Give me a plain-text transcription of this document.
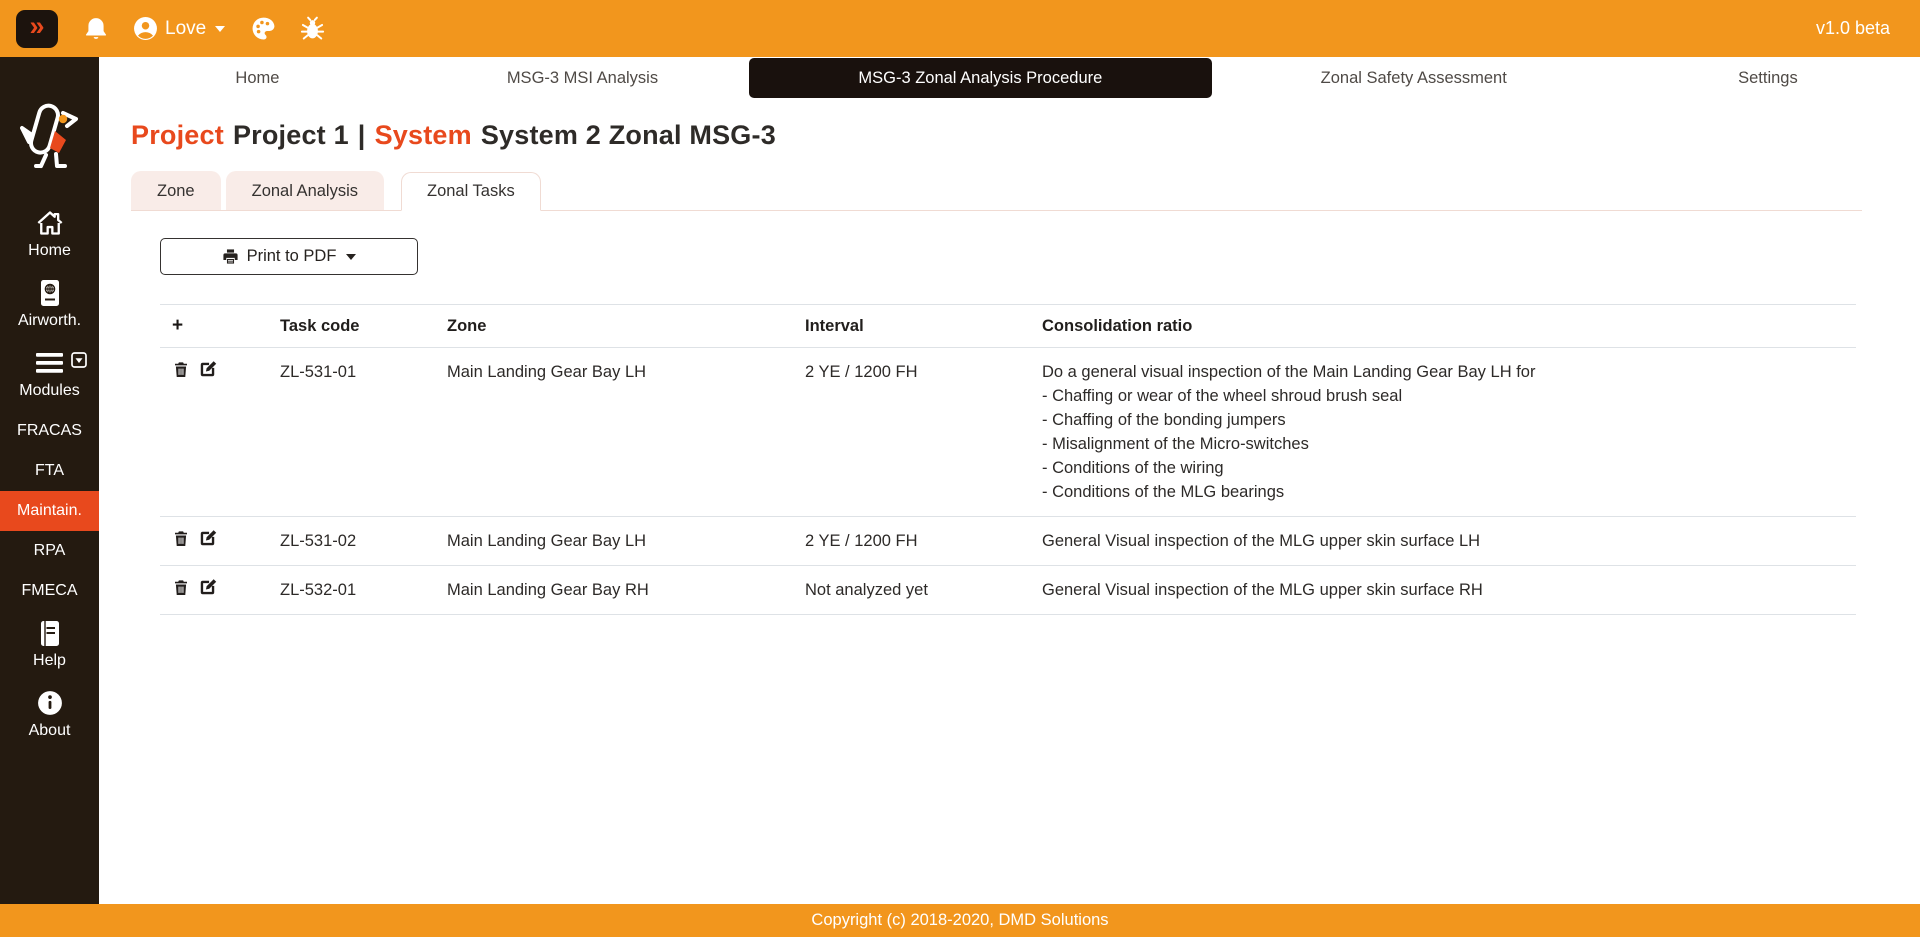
»	Love	v1.0 beta
Home
Airworth.
Modules
FRACAS
FTA
Maintain.
RPA
FMECA
Help
About
Home	MSG-3 MSI Analysis	MSG-3 Zonal Analysis Procedure	Zonal Safety Assessment	Settings
Project Project 1 | System System 2 Zonal MSG-3
Zone	Zonal Analysis	Zonal Tasks
Print to PDF
+	Task code	Zone	Interval	Consolidation ratio

	ZL-531-01	Main Landing Gear Bay LH	2 YE / 1200 FH	Do a general visual inspection of the Main Landing Gear Bay LH for
- Chaffing or wear of the wheel shroud brush seal
- Chaffing of the bonding jumpers
- Misalignment of the Micro-switches
- Conditions of the wiring
- Conditions of the MLG bearings

	ZL-531-02	Main Landing Gear Bay LH	2 YE / 1200 FH	General Visual inspection of the MLG upper skin surface LH

	ZL-532-01	Main Landing Gear Bay RH	Not analyzed yet	General Visual inspection of the MLG upper skin surface RH
Copyright (c) 2018-2020, DMD Solutions
